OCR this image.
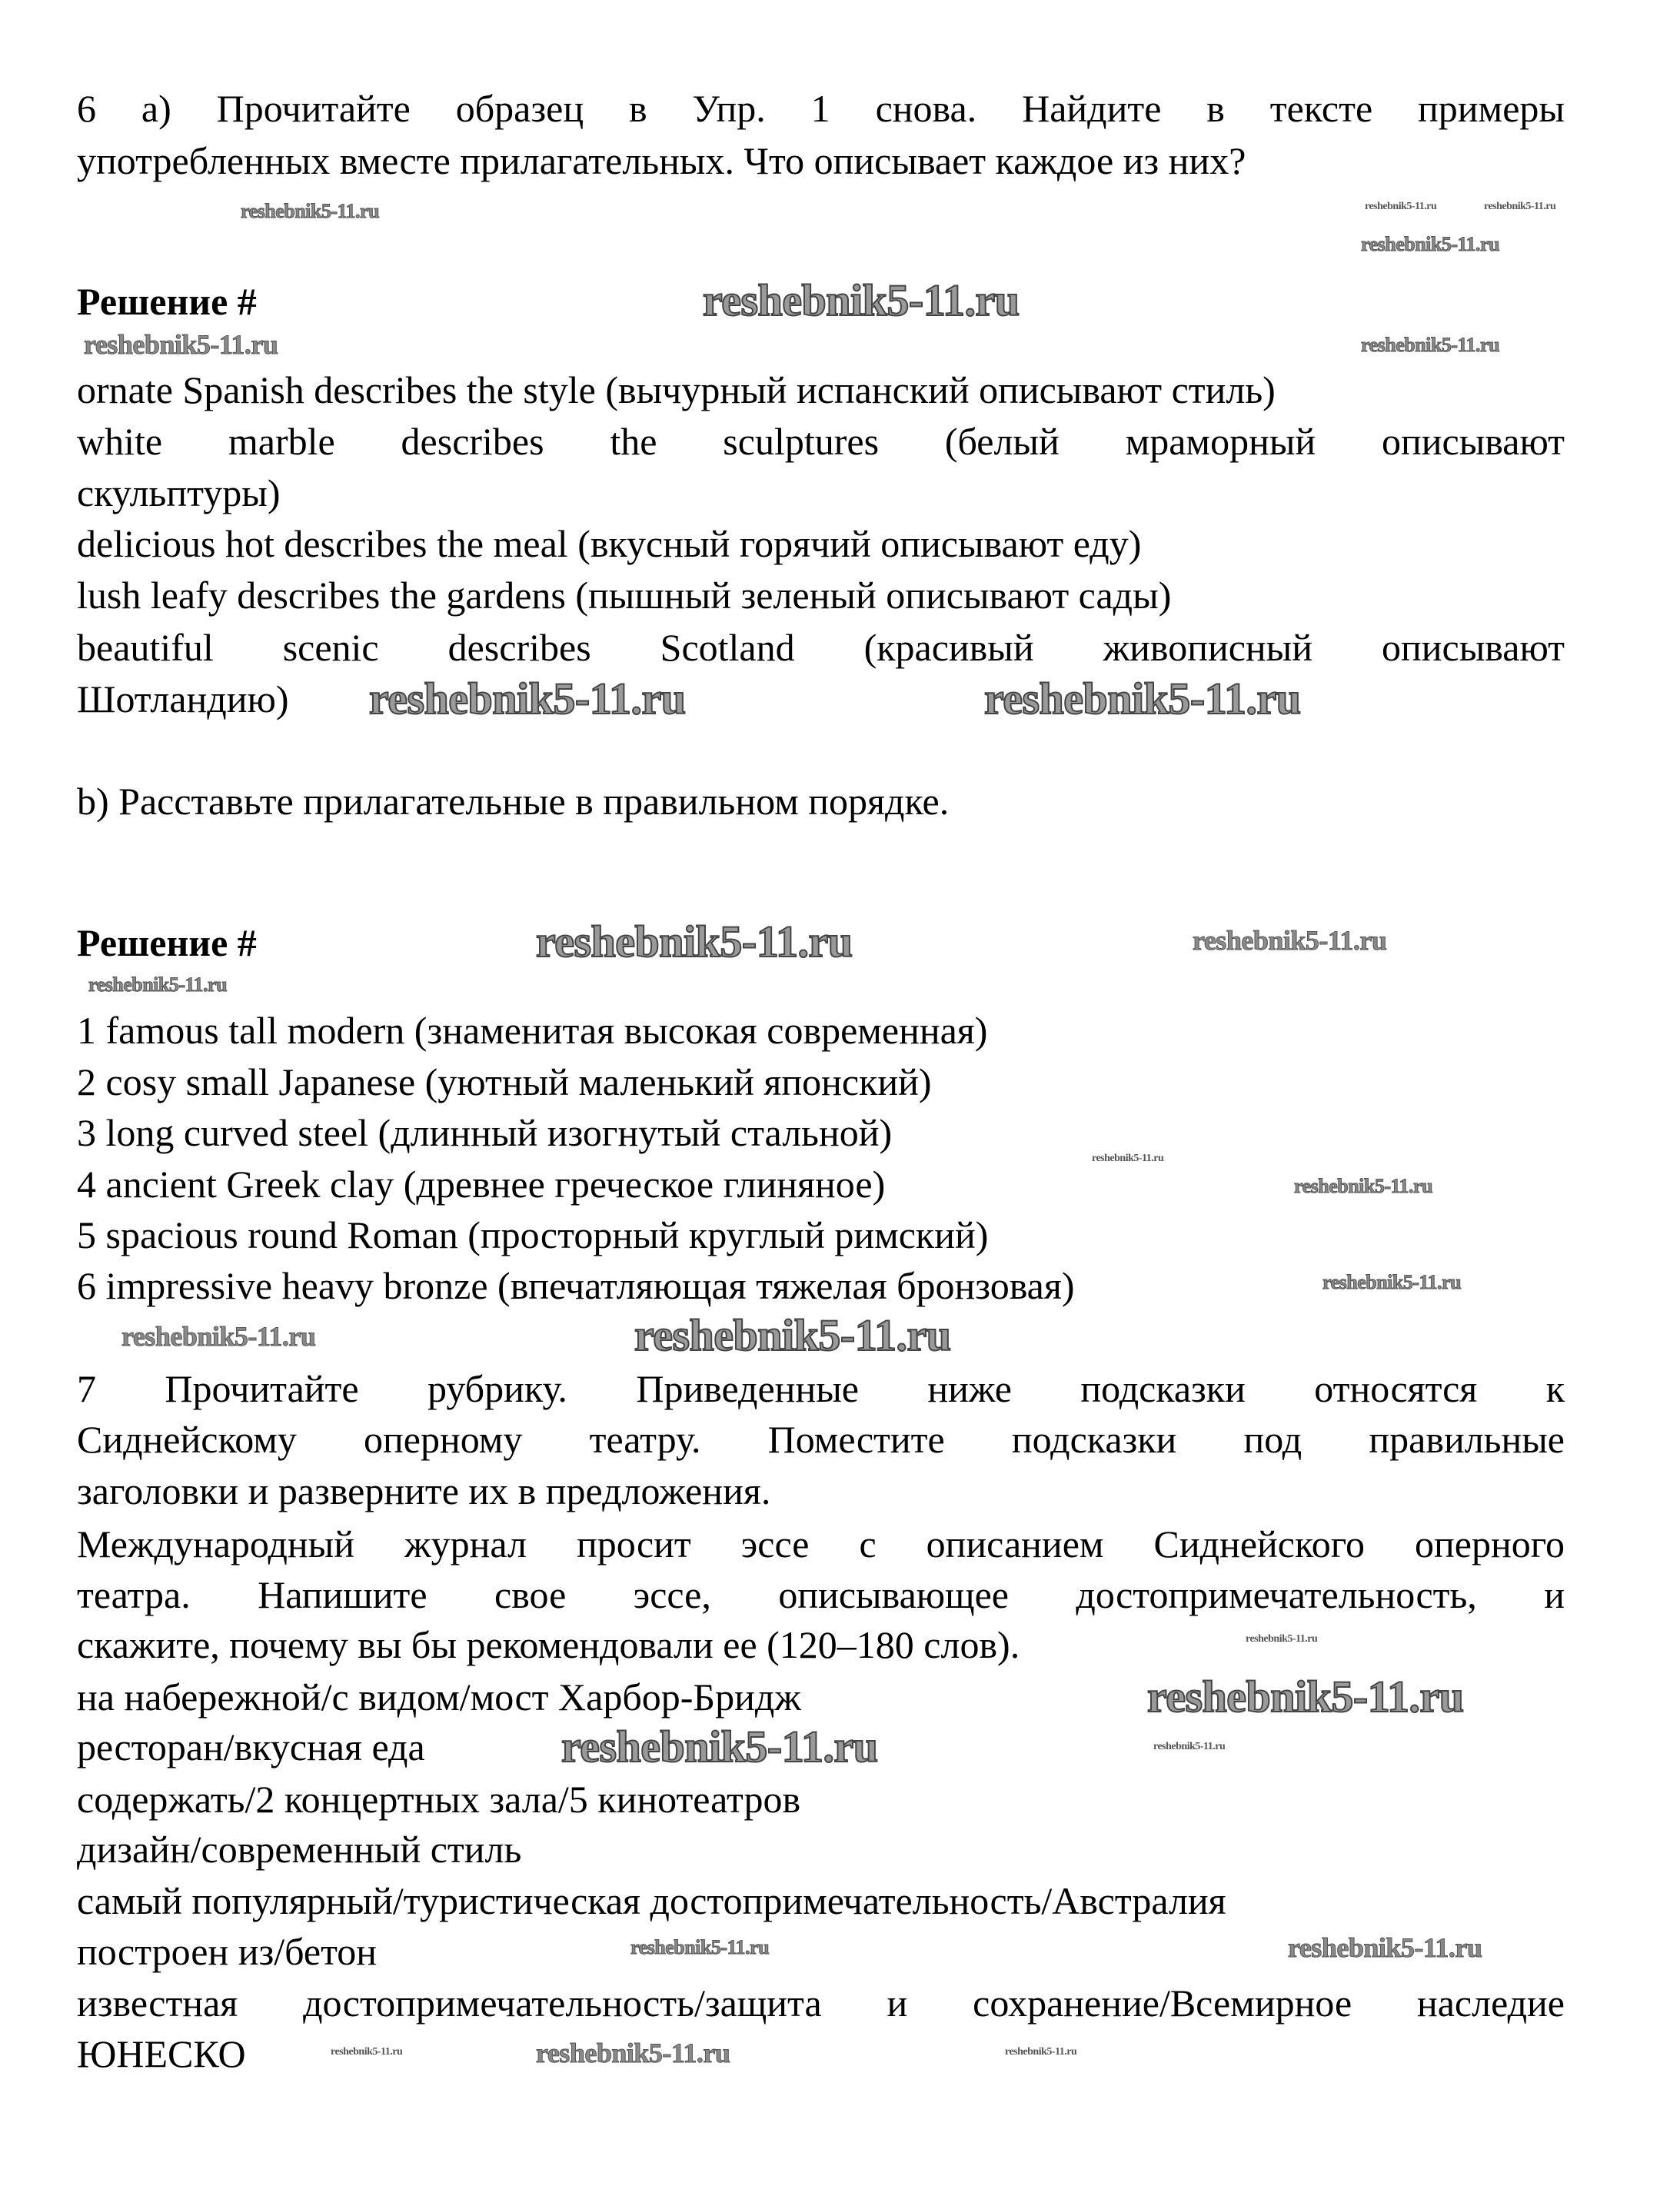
6 a) Прочитайте образец в Упр. 1 снова. Найдите в тексте примеры
употребленных вместе прилагательных. Что описывает каждое из них?
Решение #
ornate Spanish describes the style (вычурный испанский описывают стиль)
white marble describes the sculptures (белый мраморный описывают
скульптуры)
delicious hot describes the meal (вкусный горячий описывают еду)
lush leafy describes the gardens (пышный зеленый описывают сады)
beautiful scenic describes Scotland (красивый живописный описывают
Шотландию)
b) Расставьте прилагательные в правильном порядке.
Решение #
1 famous tall modern (знаменитая высокая современная)
2 cosy small Japanese (уютный маленький японский)
3 long curved steel (длинный изогнутый стальной)
4 ancient Greek clay (древнее греческое глиняное)
5 spacious round Roman (просторный круглый римский)
6 impressive heavy bronze (впечатляющая тяжелая бронзовая)
7 Прочитайте рубрику. Приведенные ниже подсказки относятся к
Сиднейскому оперному театру. Поместите подсказки под правильные
заголовки и разверните их в предложения.
Международный журнал просит эссе с описанием Сиднейского оперного
театра. Напишите свое эссе, описывающее достопримечательность, и
скажите, почему вы бы рекомендовали ее (120–180 слов).
на набережной/с видом/мост Харбор-Бридж
ресторан/вкусная еда
содержать/2 концертных зала/5 кинотеатров
дизайн/современный стиль
самый популярный/туристическая достопримечательность/Австралия
построен из/бетон
известная достопримечательность/защита и сохранение/Всемирное наследие
ЮНЕСКО
reshebnik5-11.ru	reshebnik5-11.ru
reshebnik5-11.ru
reshebnik5-11.ru
reshebnik5-11.ru
reshebnik5-11.ru
reshebnik5-11.ru
reshebnik5-11.ru	reshebnik5-11.ru
reshebnik5-11.ru
reshebnik5-11.ru	reshebnik5-11.ru
reshebnik5-11.ru
reshebnik5-11.ru
reshebnik5-11.ru
reshebnik5-11.ru
reshebnik5-11.ru
reshebnik5-11.ru
reshebnik5-11.ru
reshebnik5-11.ru
reshebnik5-11.ru
reshebnik5-11.ru	reshebnik5-11.ru
reshebnik5-11.ru
reshebnik5-11.ru	reshebnik5-11.ru
